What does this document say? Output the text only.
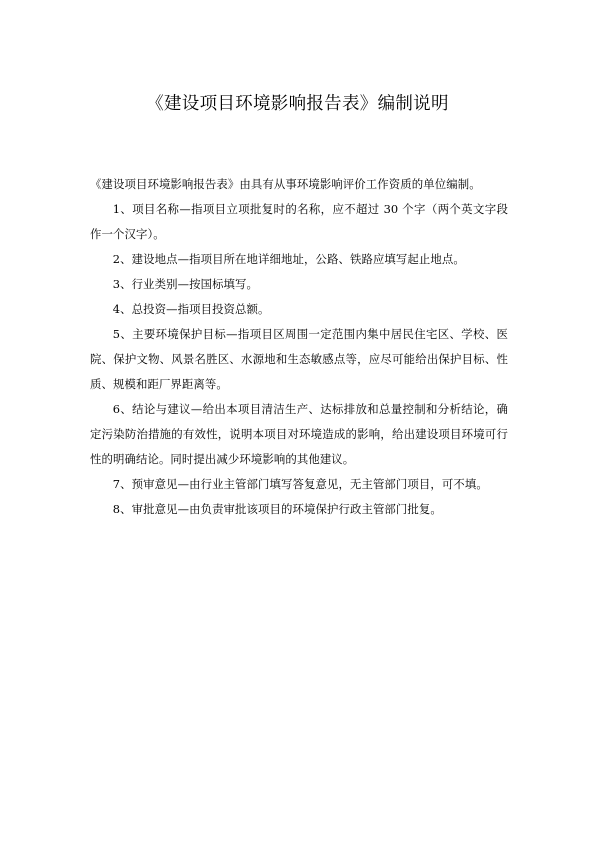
《建设项目环境影响报告表》编制说明

《建设项目环境影响报告表》由具有从事环境影响评价工作资质的单位编制。

1、项目名称—指项目立项批复时的名称，应不超过 30 个字（两个英文字段作一个汉字）。

2、建设地点—指项目所在地详细地址，公路、铁路应填写起止地点。

3、行业类别—按国标填写。

4、总投资—指项目投资总额。

5、主要环境保护目标—指项目区周围一定范围内集中居民住宅区、学校、医院、保护文物、风景名胜区、水源地和生态敏感点等，应尽可能给出保护目标、性质、规模和距厂界距离等。

6、结论与建议—给出本项目清洁生产、达标排放和总量控制和分析结论，确定污染防治措施的有效性，说明本项目对环境造成的影响，给出建设项目环境可行性的明确结论。同时提出减少环境影响的其他建议。

7、预审意见—由行业主管部门填写答复意见，无主管部门项目，可不填。

8、审批意见—由负责审批该项目的环境保护行政主管部门批复。
